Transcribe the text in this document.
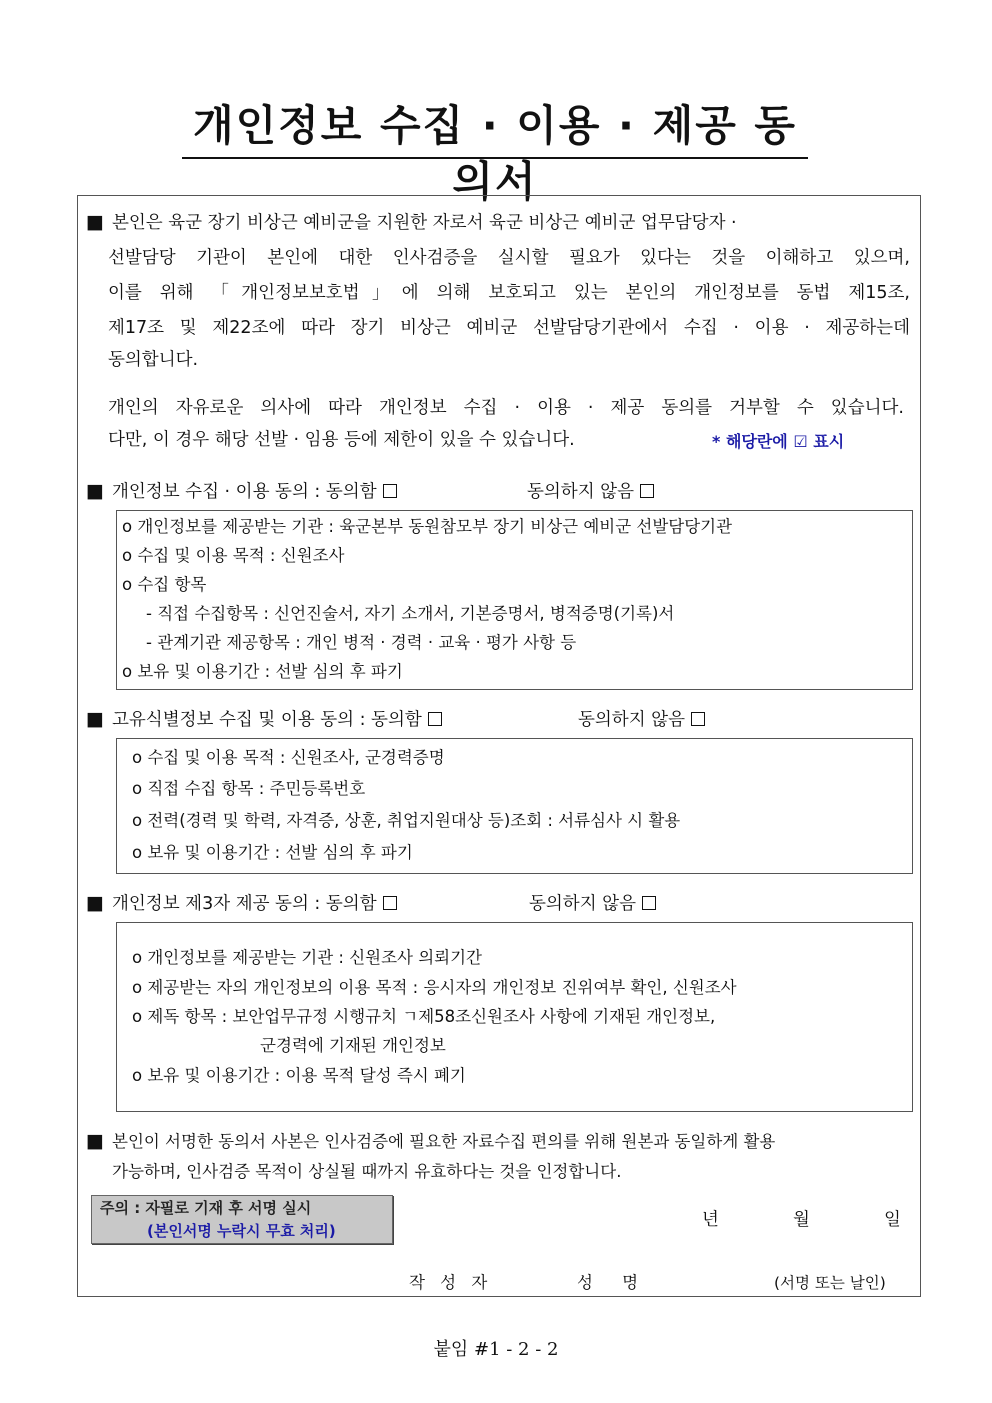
개인정보 수집 · 이용 · 제공 동의서
■ 본인은 육군 장기 비상근 예비군을 지원한 자로서 육군 비상근 예비군 업무담당자 ·
선발담당 기관이 본인에 대한 인사검증을 실시할 필요가 있다는 것을 이해하고 있으며,
이를 위해 「개인정보보호법」에 의해 보호되고 있는 본인의 개인정보를 동법 제15조,
제17조 및 제22조에 따라 장기 비상근 예비군 선발담당기관에서 수집 · 이용 · 제공하는데
동의합니다.
개인의 자유로운 의사에 따라 개인정보 수집 · 이용 · 제공 동의를 거부할 수 있습니다.
다만, 이 경우 해당 선발 · 임용 등에 제한이 있을 수 있습니다.	* 해당란에 ☑ 표시
■ 개인정보 수집 · 이용 동의 : 동의함	동의하지 않음
o 개인정보를 제공받는 기관 : 육군본부 동원참모부 장기 비상근 예비군 선발담당기관
o 수집 및 이용 목적 : 신원조사
o 수집 항목
- 직접 수집항목 : 신언진술서, 자기 소개서, 기본증명서, 병적증명(기록)서
- 관계기관 제공항목 : 개인 병적 · 경력 · 교육 · 평가 사항 등
o 보유 및 이용기간 : 선발 심의 후 파기
■ 고유식별정보 수집 및 이용 동의 : 동의함	동의하지 않음
o 수집 및 이용 목적 : 신원조사, 군경력증명
o 직접 수집 항목 : 주민등록번호
o 전력(경력 및 학력, 자격증, 상훈, 취업지원대상 등)조회 : 서류심사 시 활용
o 보유 및 이용기간 : 선발 심의 후 파기
■ 개인정보 제3자 제공 동의 : 동의함	동의하지 않음
o 개인정보를 제공받는 기관 : 신원조사 의뢰기간
o 제공받는 자의 개인정보의 이용 목적 : 응시자의 개인정보 진위여부 확인, 신원조사
o 제독 항목 : 보안업무규정 시행규치 ㄱ제58조신원조사 사항에 기재된 개인정보,
군경력에 기재된 개인정보
o 보유 및 이용기간 : 이용 목적 달성 즉시 폐기
■ 본인이 서명한 동의서 사본은 인사검증에 필요한 자료수집 편의를 위해 원본과 동일하게 활용
가능하며, 인사검증 목적이 상실될 때까지 유효하다는 것을 인정합니다.
주의 : 자필로 기재 후 서명 실시
(본인서명 누락시 무효 처리)
년	월	일
작 성 자	성 명	(서명 또는 날인)
붙임 #1 - 2 - 2
